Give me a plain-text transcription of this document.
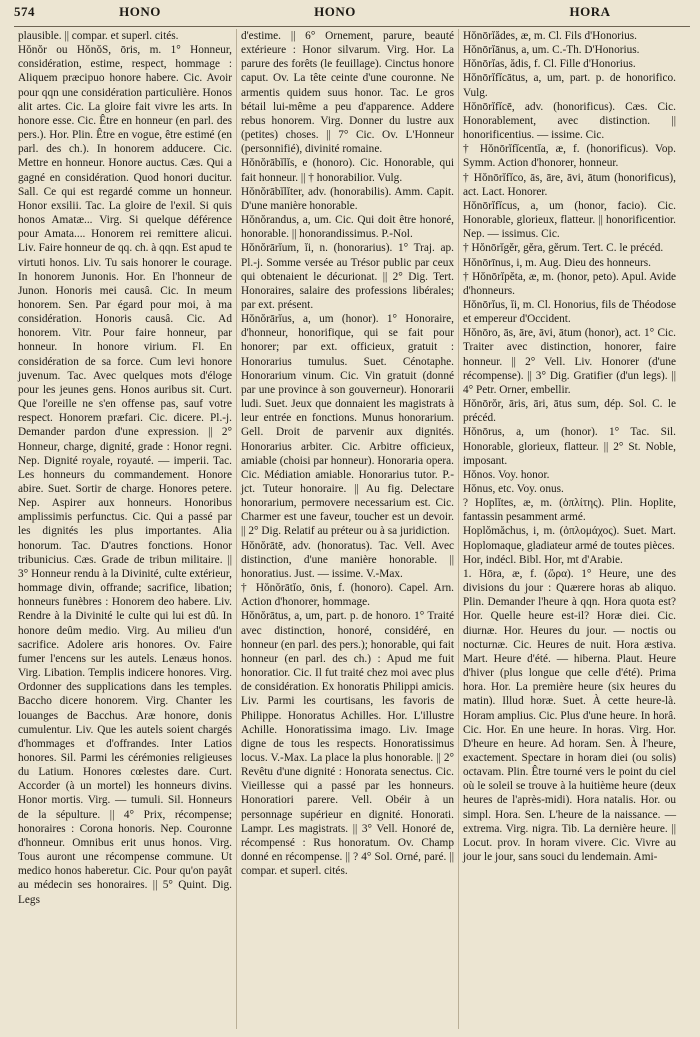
574	HONO	HONO	HORA

plausible. || compar. et superl. cités.
Hŏnŏr ou HŏnŏS, ōris, m. 1° Honneur, considération, estime, respect, hommage : Aliquem præcipuo honore habere. Cic. Avoir pour qqn une considération particulière. Honos alit artes. Cic. La gloire fait vivre les arts. In honore esse. Cic. Être en honneur (en parl. des pers.). Hor. Plin. Être en vogue, être estimé (en parl. des ch.). In honorem adducere. Cic. Mettre en honneur. Honore auctus. Cæs. Qui a gagné en considération. Quod honori ducitur. Sall. Ce qui est regardé comme un honneur. Honor exsilii. Tac. La gloire de l'exil. Si quis honos Amatæ... Virg. Si quelque déférence pour Amata.... Honorem rei remittere alicui. Liv. Faire honneur de qq. ch. à qqn. Est apud te virtuti honos. Liv. Tu sais honorer le courage. In honorem Junonis. Hor. En l'honneur de Junon. Honoris mei causâ. Cic. In meum honorem. Sen. Par égard pour moi, à ma considération. Honoris causâ. Cic. Ad honorem. Vitr. Pour faire honneur, par honneur. In honore virium. Fl. En considération de sa force. Cum levi honore juvenum. Tac. Avec quelques mots d'éloge pour les jeunes gens. Honos auribus sit. Curt. Que l'oreille ne s'en offense pas, sauf votre respect. Honorem præfari. Cic. dicere. Pl.-j. Demander pardon d'une expression. || 2° Honneur, charge, dignité, grade : Honor regni. Nep. Dignité royale, royauté. — imperii. Tac. Les honneurs du commandement. Honore abire. Suet. Sortir de charge. Honores petere. Nep. Aspirer aux honneurs. Honoribus amplissimis perfunctus. Cic. Qui a passé par les dignités les plus importantes. Alia honorum. Tac. D'autres fonctions. Honor tribunicius. Cæs. Grade de tribun militaire. || 3° Honneur rendu à la Divinité, culte extérieur, hommage divin, offrande; sacrifice, libation; honneurs funèbres : Honorem deo habere. Liv. Rendre à la Divinité le culte qui lui est dû. In honore deûm medio. Virg. Au milieu d'un sacrifice. Adolere aris honores. Ov. Faire fumer l'encens sur les autels. Lenæus honos. Virg. Libation. Templis indicere honores. Virg. Ordonner des supplications dans les temples. Baccho dicere honorem. Virg. Chanter les louanges de Bacchus. Aræ honore, donis cumulentur. Liv. Que les autels soient chargés d'hommages et d'offrandes. Inter Latios honores. Sil. Parmi les cérémonies religieuses du Latium. Honores cœlestes dare. Curt. Accorder (à un mortel) les honneurs divins. Honor mortis. Virg. — tumuli. Sil. Honneurs de la sépulture. || 4° Prix, récompense; honoraires : Corona honoris. Nep. Couronne d'honneur. Omnibus erit unus honos. Virg. Tous auront une récompense commune. Ut medico honos haberetur. Cic. Pour qu'on payât au médecin ses honoraires. || 5° Quint. Dig. Legs

d'estime. || 6° Ornement, parure, beauté extérieure : Honor silvarum. Virg. Hor. La parure des forêts (le feuillage). Cinctus honore caput. Ov. La tête ceinte d'une couronne. Ne armentis quidem suus honor. Tac. Le gros bétail lui-même a peu d'apparence. Addere rebus honorem. Virg. Donner du lustre aux (petites) choses. || 7° Cic. Ov. L'Honneur (personnifié), divinité romaine.
Hŏnŏrābĭlĭs, e (honoro). Cic. Honorable, qui fait honneur. || † honorabilior. Vulg.
Hŏnŏrābĭlĭter, adv. (honorabilis). Amm. Capit. D'une manière honorable.
Hŏnŏrandus, a, um. Cic. Qui doit être honoré, honorable. || honorandissimus. P.-Nol.
Hŏnŏrārĭum, ĭi, n. (honorarius). 1° Traj. ap. Pl.-j. Somme versée au Trésor public par ceux qui obtenaient le décurionat. || 2° Dig. Tert. Honoraires, salaire des professions libérales; par ext. présent.
Hŏnŏrārĭus, a, um (honor). 1° Honoraire, d'honneur, honorifique, qui se fait pour honorer; par ext. officieux, gratuit : Honorarius tumulus. Suet. Cénotaphe. Honorarium vinum. Cic. Vin gratuit (donné par une province à son gouverneur). Honorarii ludi. Suet. Jeux que donnaient les magistrats à leur entrée en fonctions. Munus honorarium. Gell. Droit de parvenir aux dignités. Honorarius arbiter. Cic. Arbitre officieux, amiable (choisi par honneur). Honoraria opera. Cic. Médiation amiable. Honorarius tutor. P.-jct. Tuteur honoraire. || Au fig. Delectare honorarium, permovere necessarium est. Cic. Charmer est une faveur, toucher est un devoir. || 2° Dig. Relatif au préteur ou à sa juridiction.
Hŏnŏrātē, adv. (honoratus). Tac. Vell. Avec distinction, d'une manière honorable. || honoratius. Just. — issime. V.-Max.
† Hŏnŏrātĭo, ōnis, f. (honoro). Capel. Arn. Action d'honorer, hommage.
Hŏnŏrātus, a, um, part. p. de honoro. 1° Traité avec distinction, honoré, considéré, en honneur (en parl. des pers.); honorable, qui fait honneur (en parl. des ch.) : Apud me fuit honoratior. Cic. Il fut traité chez moi avec plus de considération. Ex honoratis Philippi amicis. Liv. Parmi les courtisans, les favoris de Philippe. Honoratus Achilles. Hor. L'illustre Achille. Honoratissima imago. Liv. Image digne de tous les respects. Honoratissimus locus. V.-Max. La place la plus honorable. || 2° Revêtu d'une dignité : Honorata senectus. Cic. Vieillesse qui a passé par les honneurs. Honoratiori parere. Vell. Obéir à un personnage supérieur en dignité. Honorati. Lampr. Les magistrats. || 3° Vell. Honoré de, récompensé : Rus honoratum. Ov. Champ donné en récompense. || ? 4° Sol. Orné, paré. || compar. et superl. cités.

Hŏnōrĭădes, æ, m. Cl. Fils d'Honorius.
Hŏnōrĭānus, a, um. C.-Th. D'Honorius.
Hŏnōrĭas, ădis, f. Cl. Fille d'Honorius.
Hŏnōrĭfĭcātus, a, um, part. p. de honorifico. Vulg.
Hŏnōrĭfĭcē, adv. (honorificus). Cæs. Cic. Honorablement, avec distinction. || honorificentius. — issime. Cic.
† Hŏnōrĭfĭcentĭa, æ, f. (honorificus). Vop. Symm. Action d'honorer, honneur.
† Hŏnōrĭfĭco, ās, āre, āvi, ātum (honorificus), act. Lact. Honorer.
Hŏnōrĭfĭcus, a, um (honor, facio). Cic. Honorable, glorieux, flatteur. || honorificentior. Nep. — issimus. Cic.
† Hŏnōrĭgĕr, gĕra, gĕrum. Tert. C. le précéd.
Hŏnōrīnus, i, m. Aug. Dieu des honneurs.
† Hŏnōrĭpĕta, æ, m. (honor, peto). Apul. Avide d'honneurs.
Hŏnōrĭus, ĭi, m. Cl. Honorius, fils de Théodose et empereur d'Occident.
Hŏnōro, ās, āre, āvi, ātum (honor), act. 1° Cic. Traiter avec distinction, honorer, faire honneur. || 2° Vell. Liv. Honorer (d'une récompense). || 3° Dig. Gratifier (d'un legs). || 4° Petr. Orner, embellir.
Hŏnōrŏr, āris, āri, ātus sum, dép. Sol. C. le précéd.
Hŏnōrus, a, um (honor). 1° Tac. Sil. Honorable, glorieux, flatteur. || 2° St. Noble, imposant.
Hŏnos. Voy. honor.
Hŏnus, etc. Voy. onus.
? Hoplĭtes, æ, m. (ὁπλίτης). Plin. Hoplite, fantassin pesamment armé.
Hoplŏmăchus, i, m. (ὁπλομάχος). Suet. Mart. Hoplomaque, gladiateur armé de toutes pièces.
Hor, indécl. Bibl. Hor, mt d'Arabie.
1. Hōra, æ, f. (ὥρα). 1° Heure, une des divisions du jour : Quærere horas ab aliquo. Plin. Demander l'heure à qqn. Hora quota est? Hor. Quelle heure est-il? Horæ diei. Cic. diurnæ. Hor. Heures du jour. — noctis ou nocturnæ. Cic. Heures de nuit. Hora æstiva. Mart. Heure d'été. — hiberna. Plaut. Heure d'hiver (plus longue que celle d'été). Prima hora. Hor. La première heure (six heures du matin). Illud horæ. Suet. À cette heure-là. Horam amplius. Cic. Plus d'une heure. In horâ. Cic. Hor. En une heure. In horas. Virg. Hor. D'heure en heure. Ad horam. Sen. À l'heure, exactement. Spectare in horam diei (ou solis) octavam. Plin. Être tourné vers le point du ciel où le soleil se trouve à la huitième heure (deux heures de l'après-midi). Hora natalis. Hor. ou simpl. Hora. Sen. L'heure de la naissance. — extrema. Virg. nigra. Tib. La dernière heure. || Locut. prov. In horam vivere. Cic. Vivre au jour le jour, sans souci du lendemain. Ami-
